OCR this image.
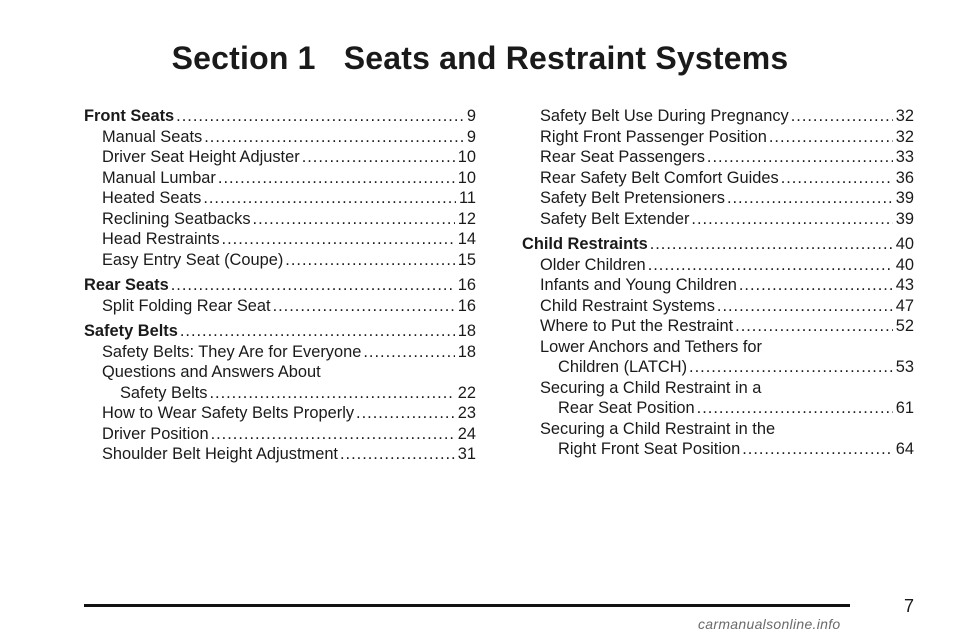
Section 1 Seats and Restraint Systems
Front Seats .....	9
Manual Seats .....	9
Driver Seat Height Adjuster .....	10
Manual Lumbar .....	10
Heated Seats .....	11
Reclining Seatbacks .....	12
Head Restraints .....	14
Easy Entry Seat (Coupe) .....	15
Rear Seats .....	16
Split Folding Rear Seat .....	16
Safety Belts .....	18
Safety Belts: They Are for Everyone .....	18
Questions and Answers About
Safety Belts .....	22
How to Wear Safety Belts Properly .....	23
Driver Position .....	24
Shoulder Belt Height Adjustment .....	31
Safety Belt Use During Pregnancy .....	32
Right Front Passenger Position .....	32
Rear Seat Passengers .....	33
Rear Safety Belt Comfort Guides .....	36
Safety Belt Pretensioners .....	39
Safety Belt Extender .....	39
Child Restraints .....	40
Older Children .....	40
Infants and Young Children .....	43
Child Restraint Systems .....	47
Where to Put the Restraint .....	52
Lower Anchors and Tethers for
Children (LATCH) .....	53
Securing a Child Restraint in a
Rear Seat Position .....	61
Securing a Child Restraint in the
Right Front Seat Position .....	64
7
carmanualsonline.info
